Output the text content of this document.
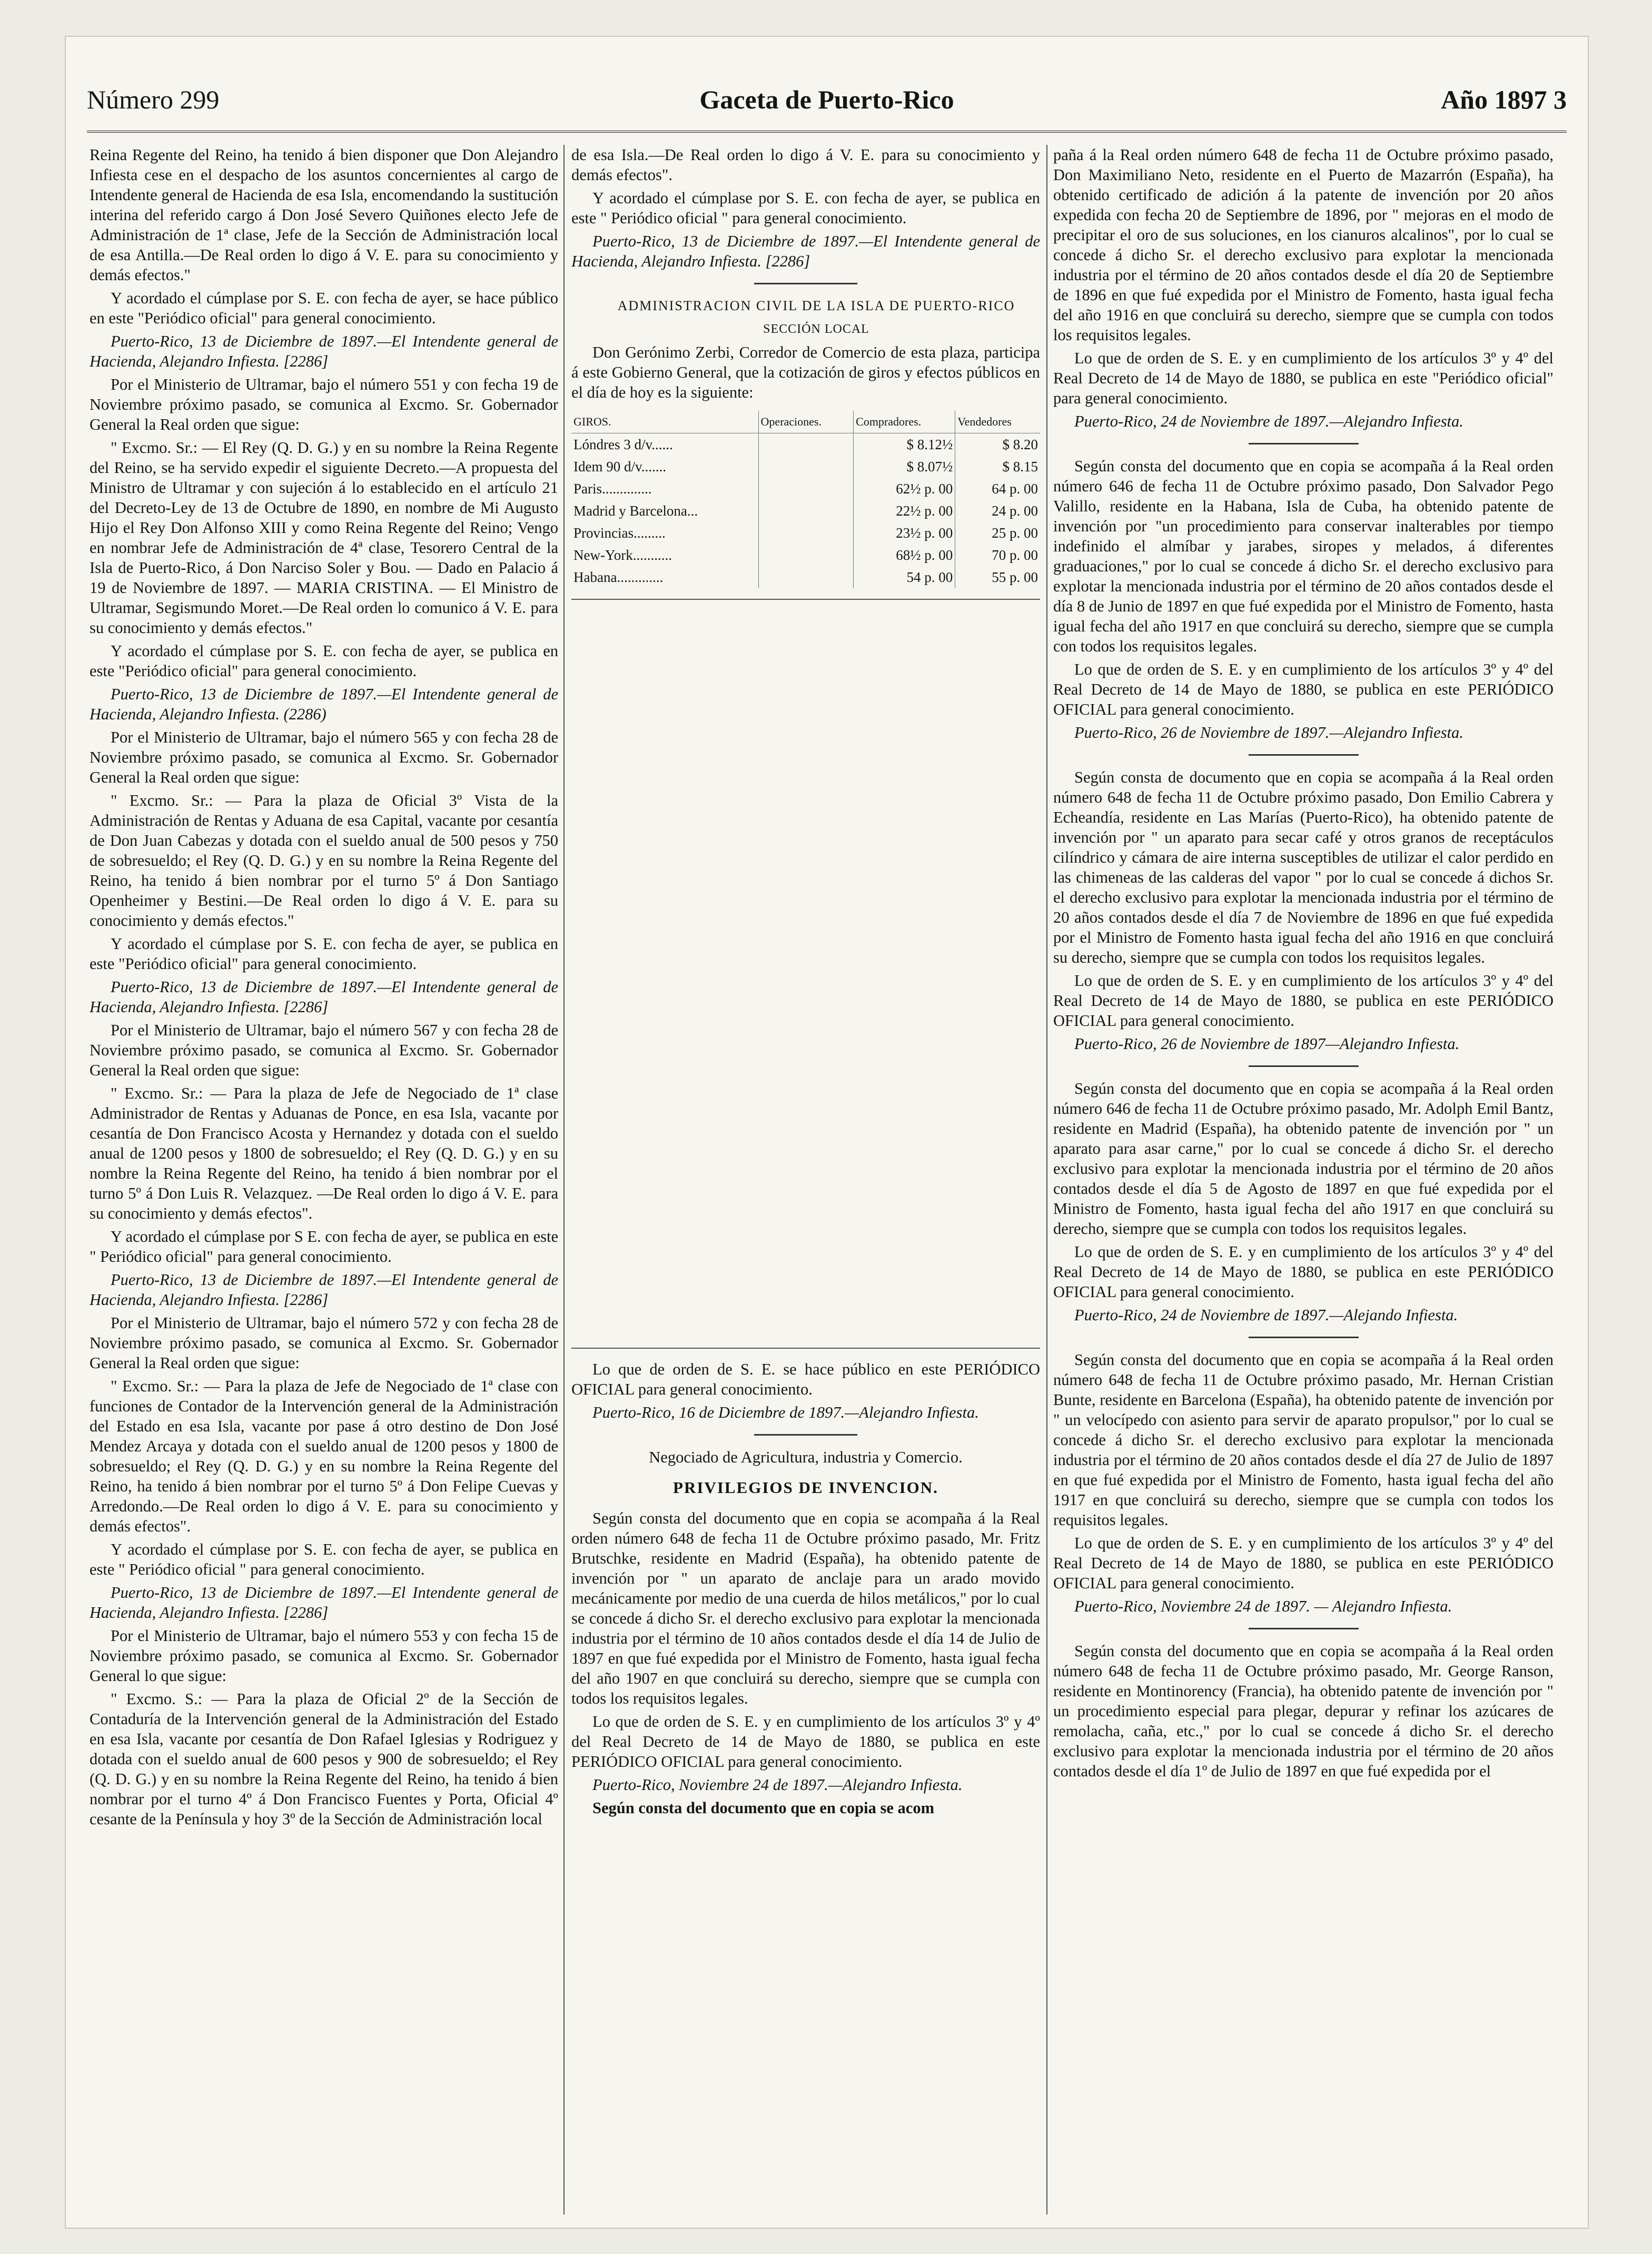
Número 299	Gaceta de Puerto-Rico	Año 1897 3

Reina Regente del Reino, ha tenido á bien disponer que Don Alejandro Infiesta cese en el despacho de los asuntos concernientes al cargo de Intendente general de Hacienda de esa Isla, encomendando la sustitución interina del referido cargo á Don José Severo Quiñones electo Jefe de Administración de 1ª clase, Jefe de la Sección de Administración local de esa Antilla.—De Real orden lo digo á V. E. para su conocimiento y demás efectos."

Y acordado el cúmplase por S. E. con fecha de ayer, se hace público en este "Periódico oficial" para general conocimiento.

Puerto-Rico, 13 de Diciembre de 1897.—El Intendente general de Hacienda, Alejandro Infiesta. [2286]

Por el Ministerio de Ultramar, bajo el número 551 y con fecha 19 de Noviembre próximo pasado, se comunica al Excmo. Sr. Gobernador General la Real orden que sigue:

" Excmo. Sr.: — El Rey (Q. D. G.) y en su nombre la Reina Regente del Reino, se ha servido expedir el siguiente Decreto.—A propuesta del Ministro de Ultramar y con sujeción á lo establecido en el artículo 21 del Decreto-Ley de 13 de Octubre de 1890, en nombre de Mi Augusto Hijo el Rey Don Alfonso XIII y como Reina Regente del Reino; Vengo en nombrar Jefe de Administración de 4ª clase, Tesorero Central de la Isla de Puerto-Rico, á Don Narciso Soler y Bou. — Dado en Palacio á 19 de Noviembre de 1897. — MARIA CRISTINA. — El Ministro de Ultramar, Segismundo Moret.—De Real orden lo comunico á V. E. para su conocimiento y demás efectos."

Y acordado el cúmplase por S. E. con fecha de ayer, se publica en este "Periódico oficial" para general conocimiento.

Puerto-Rico, 13 de Diciembre de 1897.—El Intendente general de Hacienda, Alejandro Infiesta. (2286)

Por el Ministerio de Ultramar, bajo el número 565 y con fecha 28 de Noviembre próximo pasado, se comunica al Excmo. Sr. Gobernador General la Real orden que sigue:

" Excmo. Sr.: — Para la plaza de Oficial 3º Vista de la Administración de Rentas y Aduana de esa Capital, vacante por cesantía de Don Juan Cabezas y dotada con el sueldo anual de 500 pesos y 750 de sobresueldo; el Rey (Q. D. G.) y en su nombre la Reina Regente del Reino, ha tenido á bien nombrar por el turno 5º á Don Santiago Openheimer y Bestini.—De Real orden lo digo á V. E. para su conocimiento y demás efectos."

Y acordado el cúmplase por S. E. con fecha de ayer, se publica en este "Periódico oficial" para general conocimiento.

Puerto-Rico, 13 de Diciembre de 1897.—El Intendente general de Hacienda, Alejandro Infiesta. [2286]

Por el Ministerio de Ultramar, bajo el número 567 y con fecha 28 de Noviembre próximo pasado, se comunica al Excmo. Sr. Gobernador General la Real orden que sigue:

" Excmo. Sr.: — Para la plaza de Jefe de Negociado de 1ª clase Administrador de Rentas y Aduanas de Ponce, en esa Isla, vacante por cesantía de Don Francisco Acosta y Hernandez y dotada con el sueldo anual de 1200 pesos y 1800 de sobresueldo; el Rey (Q. D. G.) y en su nombre la Reina Regente del Reino, ha tenido á bien nombrar por el turno 5º á Don Luis R. Velazquez. —De Real orden lo digo á V. E. para su conocimiento y demás efectos".

Y acordado el cúmplase por S E. con fecha de ayer, se publica en este " Periódico oficial" para general conocimiento.

Puerto-Rico, 13 de Diciembre de 1897.—El Intendente general de Hacienda, Alejandro Infiesta. [2286]

Por el Ministerio de Ultramar, bajo el número 572 y con fecha 28 de Noviembre próximo pasado, se comunica al Excmo. Sr. Gobernador General la Real orden que sigue:

" Excmo. Sr.: — Para la plaza de Jefe de Negociado de 1ª clase con funciones de Contador de la Intervención general de la Administración del Estado en esa Isla, vacante por pase á otro destino de Don José Mendez Arcaya y dotada con el sueldo anual de 1200 pesos y 1800 de sobresueldo; el Rey (Q. D. G.) y en su nombre la Reina Regente del Reino, ha tenido á bien nombrar por el turno 5º á Don Felipe Cuevas y Arredondo.—De Real orden lo digo á V. E. para su conocimiento y demás efectos".

Y acordado el cúmplase por S. E. con fecha de ayer, se publica en este " Periódico oficial " para general conocimiento.

Puerto-Rico, 13 de Diciembre de 1897.—El Intendente general de Hacienda, Alejandro Infiesta. [2286]

Por el Ministerio de Ultramar, bajo el número 553 y con fecha 15 de Noviembre próximo pasado, se comunica al Excmo. Sr. Gobernador General lo que sigue:

" Excmo. S.: — Para la plaza de Oficial 2º de la Sección de Contaduría de la Intervención general de la Administración del Estado en esa Isla, vacante por cesantía de Don Rafael Iglesias y Rodriguez y dotada con el sueldo anual de 600 pesos y 900 de sobresueldo; el Rey (Q. D. G.) y en su nombre la Reina Regente del Reino, ha tenido á bien nombrar por el turno 4º á Don Francisco Fuentes y Porta, Oficial 4º cesante de la Península y hoy 3º de la Sección de Administración local

de esa Isla.—De Real orden lo digo á V. E. para su conocimiento y demás efectos".

Y acordado el cúmplase por S. E. con fecha de ayer, se publica en este " Periódico oficial " para general conocimiento.

Puerto-Rico, 13 de Diciembre de 1897.—El Intendente general de Hacienda, Alejandro Infiesta. [2286]

ADMINISTRACION CIVIL DE LA ISLA DE PUERTO-RICO

SECCIÓN LOCAL

Don Gerónimo Zerbi, Corredor de Comercio de esta plaza, participa á este Gobierno General, que la cotización de giros y efectos públicos en el día de hoy es la siguiente:

GIROS.	Operaciones.	Compradores.	Vendedores
Lóndres 3 d/v......		$ 8.12½	$ 8.20
Idem 90 d/v.......		$ 8.07½	$ 8.15
Paris..............		62½ p. 00	64 p. 00
Madrid y Barcelona...		22½ p. 00	24 p. 00
Provincias.........		23½ p. 00	25 p. 00
New-York...........		68½ p. 00	70 p. 00
Habana.............		54 p. 00	55 p. 00

Lo que de orden de S. E. se hace público en este PERIÓDICO OFICIAL para general conocimiento.

Puerto-Rico, 16 de Diciembre de 1897.—Alejandro Infiesta.

Negociado de Agricultura, industria y Comercio.

PRIVILEGIOS DE INVENCION.

Según consta del documento que en copia se acompaña á la Real orden número 648 de fecha 11 de Octubre próximo pasado, Mr. Fritz Brutschke, residente en Madrid (España), ha obtenido patente de invención por " un aparato de anclaje para un arado movido mecánicamente por medio de una cuerda de hilos metálicos," por lo cual se concede á dicho Sr. el derecho exclusivo para explotar la mencionada industria por el término de 10 años contados desde el día 14 de Julio de 1897 en que fué expedida por el Ministro de Fomento, hasta igual fecha del año 1907 en que concluirá su derecho, siempre que se cumpla con todos los requisitos legales.

Lo que de orden de S. E. y en cumplimiento de los artículos 3º y 4º del Real Decreto de 14 de Mayo de 1880, se publica en este PERIÓDICO OFICIAL para general conocimiento.

Puerto-Rico, Noviembre 24 de 1897.—Alejandro Infiesta.

Según consta del documento que en copia se acom

paña á la Real orden número 648 de fecha 11 de Octubre próximo pasado, Don Maximiliano Neto, residente en el Puerto de Mazarrón (España), ha obtenido certificado de adición á la patente de invención por 20 años expedida con fecha 20 de Septiembre de 1896, por " mejoras en el modo de precipitar el oro de sus soluciones, en los cianuros alcalinos", por lo cual se concede á dicho Sr. el derecho exclusivo para explotar la mencionada industria por el término de 20 años contados desde el día 20 de Septiembre de 1896 en que fué expedida por el Ministro de Fomento, hasta igual fecha del año 1916 en que concluirá su derecho, siempre que se cumpla con todos los requisitos legales.

Lo que de orden de S. E. y en cumplimiento de los artículos 3º y 4º del Real Decreto de 14 de Mayo de 1880, se publica en este "Periódico oficial" para general conocimiento.

Puerto-Rico, 24 de Noviembre de 1897.—Alejandro Infiesta.

Según consta del documento que en copia se acompaña á la Real orden número 646 de fecha 11 de Octubre próximo pasado, Don Salvador Pego Valillo, residente en la Habana, Isla de Cuba, ha obtenido patente de invención por "un procedimiento para conservar inalterables por tiempo indefinido el almíbar y jarabes, siropes y melados, á diferentes graduaciones," por lo cual se concede á dicho Sr. el derecho exclusivo para explotar la mencionada industria por el término de 20 años contados desde el día 8 de Junio de 1897 en que fué expedida por el Ministro de Fomento, hasta igual fecha del año 1917 en que concluirá su derecho, siempre que se cumpla con todos los requisitos legales.

Lo que de orden de S. E. y en cumplimiento de los artículos 3º y 4º del Real Decreto de 14 de Mayo de 1880, se publica en este PERIÓDICO OFICIAL para general conocimiento.

Puerto-Rico, 26 de Noviembre de 1897.—Alejandro Infiesta.

Según consta de documento que en copia se acompaña á la Real orden número 648 de fecha 11 de Octubre próximo pasado, Don Emilio Cabrera y Echeandía, residente en Las Marías (Puerto-Rico), ha obtenido patente de invención por " un aparato para secar café y otros granos de receptáculos cilíndrico y cámara de aire interna susceptibles de utilizar el calor perdido en las chimeneas de las calderas del vapor " por lo cual se concede á dichos Sr. el derecho exclusivo para explotar la mencionada industria por el término de 20 años contados desde el día 7 de Noviembre de 1896 en que fué expedida por el Ministro de Fomento hasta igual fecha del año 1916 en que concluirá su derecho, siempre que se cumpla con todos los requisitos legales.

Lo que de orden de S. E. y en cumplimiento de los artículos 3º y 4º del Real Decreto de 14 de Mayo de 1880, se publica en este PERIÓDICO OFICIAL para general conocimiento.

Puerto-Rico, 26 de Noviembre de 1897—Alejandro Infiesta.

Según consta del documento que en copia se acompaña á la Real orden número 646 de fecha 11 de Octubre próximo pasado, Mr. Adolph Emil Bantz, residente en Madrid (España), ha obtenido patente de invención por " un aparato para asar carne," por lo cual se concede á dicho Sr. el derecho exclusivo para explotar la mencionada industria por el término de 20 años contados desde el día 5 de Agosto de 1897 en que fué expedida por el Ministro de Fomento, hasta igual fecha del año 1917 en que concluirá su derecho, siempre que se cumpla con todos los requisitos legales.

Lo que de orden de S. E. y en cumplimiento de los artículos 3º y 4º del Real Decreto de 14 de Mayo de 1880, se publica en este PERIÓDICO OFICIAL para general conocimiento.

Puerto-Rico, 24 de Noviembre de 1897.—Alejando Infiesta.

Según consta del documento que en copia se acompaña á la Real orden número 648 de fecha 11 de Octubre próximo pasado, Mr. Hernan Cristian Bunte, residente en Barcelona (España), ha obtenido patente de invención por " un velocípedo con asiento para servir de aparato propulsor," por lo cual se concede á dicho Sr. el derecho exclusivo para explotar la mencionada industria por el término de 20 años contados desde el día 27 de Julio de 1897 en que fué expedida por el Ministro de Fomento, hasta igual fecha del año 1917 en que concluirá su derecho, siempre que se cumpla con todos los requisitos legales.

Lo que de orden de S. E. y en cumplimiento de los artículos 3º y 4º del Real Decreto de 14 de Mayo de 1880, se publica en este PERIÓDICO OFICIAL para general conocimiento.

Puerto-Rico, Noviembre 24 de 1897. — Alejandro Infiesta.

Según consta del documento que en copia se acompaña á la Real orden número 648 de fecha 11 de Octubre próximo pasado, Mr. George Ranson, residente en Montinorency (Francia), ha obtenido patente de invención por " un procedimiento especial para plegar, depurar y refinar los azúcares de remolacha, caña, etc.," por lo cual se concede á dicho Sr. el derecho exclusivo para explotar la mencionada industria por el término de 20 años contados desde el día 1º de Julio de 1897 en que fué expedida por el
